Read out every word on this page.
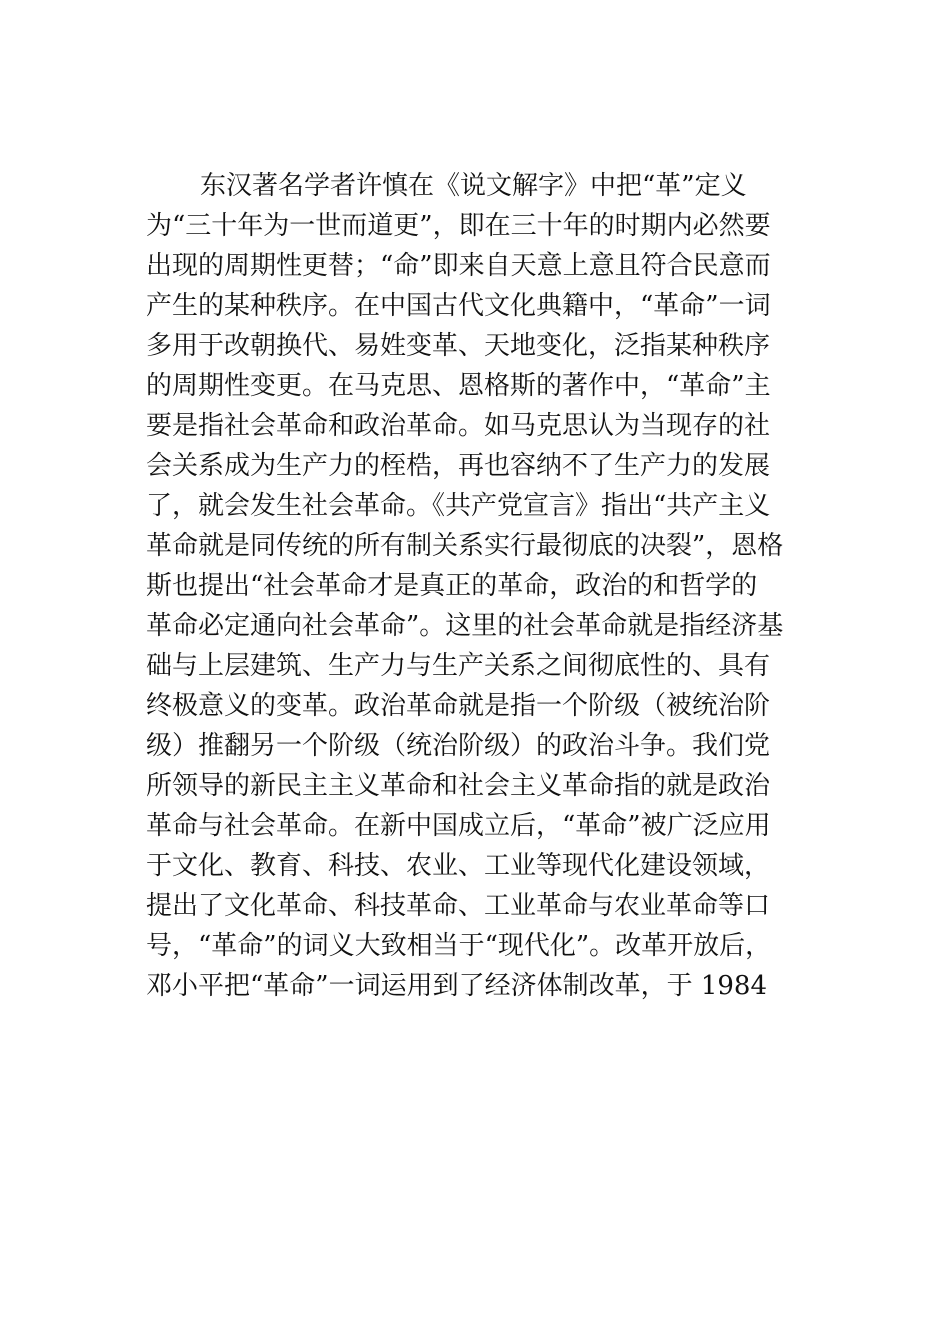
东汉著名学者许慎在《说文解字》中把“革”定义
为“三十年为一世而道更”，即在三十年的时期内必然要
出现的周期性更替；“命”即来自天意上意且符合民意而
产生的某种秩序。在中国古代文化典籍中，“革命”一词
多用于改朝换代、易姓变革、天地变化，泛指某种秩序
的周期性变更。在马克思、恩格斯的著作中，“革命”主
要是指社会革命和政治革命。如马克思认为当现存的社
会关系成为生产力的桎梏，再也容纳不了生产力的发展
了，就会发生社会革命。《共产党宣言》指出“共产主义
革命就是同传统的所有制关系实行最彻底的决裂”，恩格
斯也提出“社会革命才是真正的革命，政治的和哲学的
革命必定通向社会革命”。这里的社会革命就是指经济基
础与上层建筑、生产力与生产关系之间彻底性的、具有
终极意义的变革。政治革命就是指一个阶级（被统治阶
级）推翻另一个阶级（统治阶级）的政治斗争。我们党
所领导的新民主主义革命和社会主义革命指的就是政治
革命与社会革命。在新中国成立后，“革命”被广泛应用
于文化、教育、科技、农业、工业等现代化建设领域，
提出了文化革命、科技革命、工业革命与农业革命等口
号，“革命”的词义大致相当于“现代化”。改革开放后，
邓小平把“革命”一词运用到了经济体制改革，于 1984
